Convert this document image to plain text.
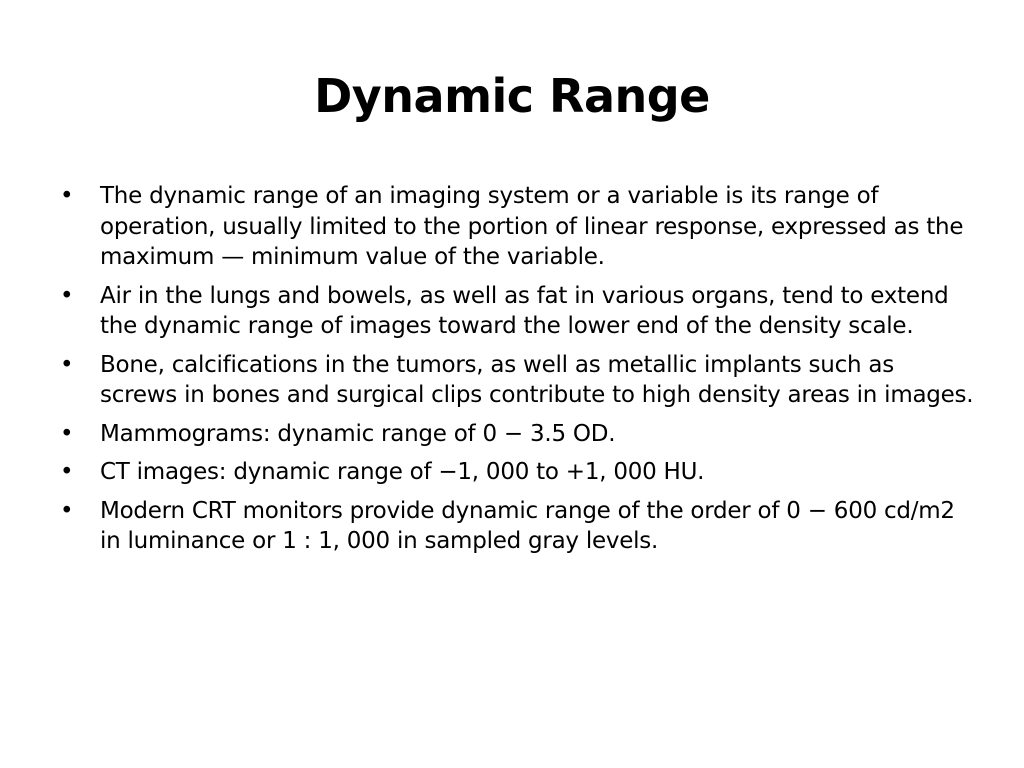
Dynamic Range
• The dynamic range of an imaging system or a variable is its range of operation, usually limited to the portion of linear response, expressed as the maximum — minimum value of the variable.
• Air in the lungs and bowels, as well as fat in various organs, tend to extend the dynamic range of images toward the lower end of the density scale.
• Bone, calcifications in the tumors, as well as metallic implants such as screws in bones and surgical clips contribute to high density areas in images.
• Mammograms: dynamic range of 0 − 3.5 OD.
• CT images: dynamic range of −1, 000 to +1, 000 HU.
• Modern CRT monitors provide dynamic range of the order of 0 − 600 cd/m2 in luminance or 1 : 1, 000 in sampled gray levels.
